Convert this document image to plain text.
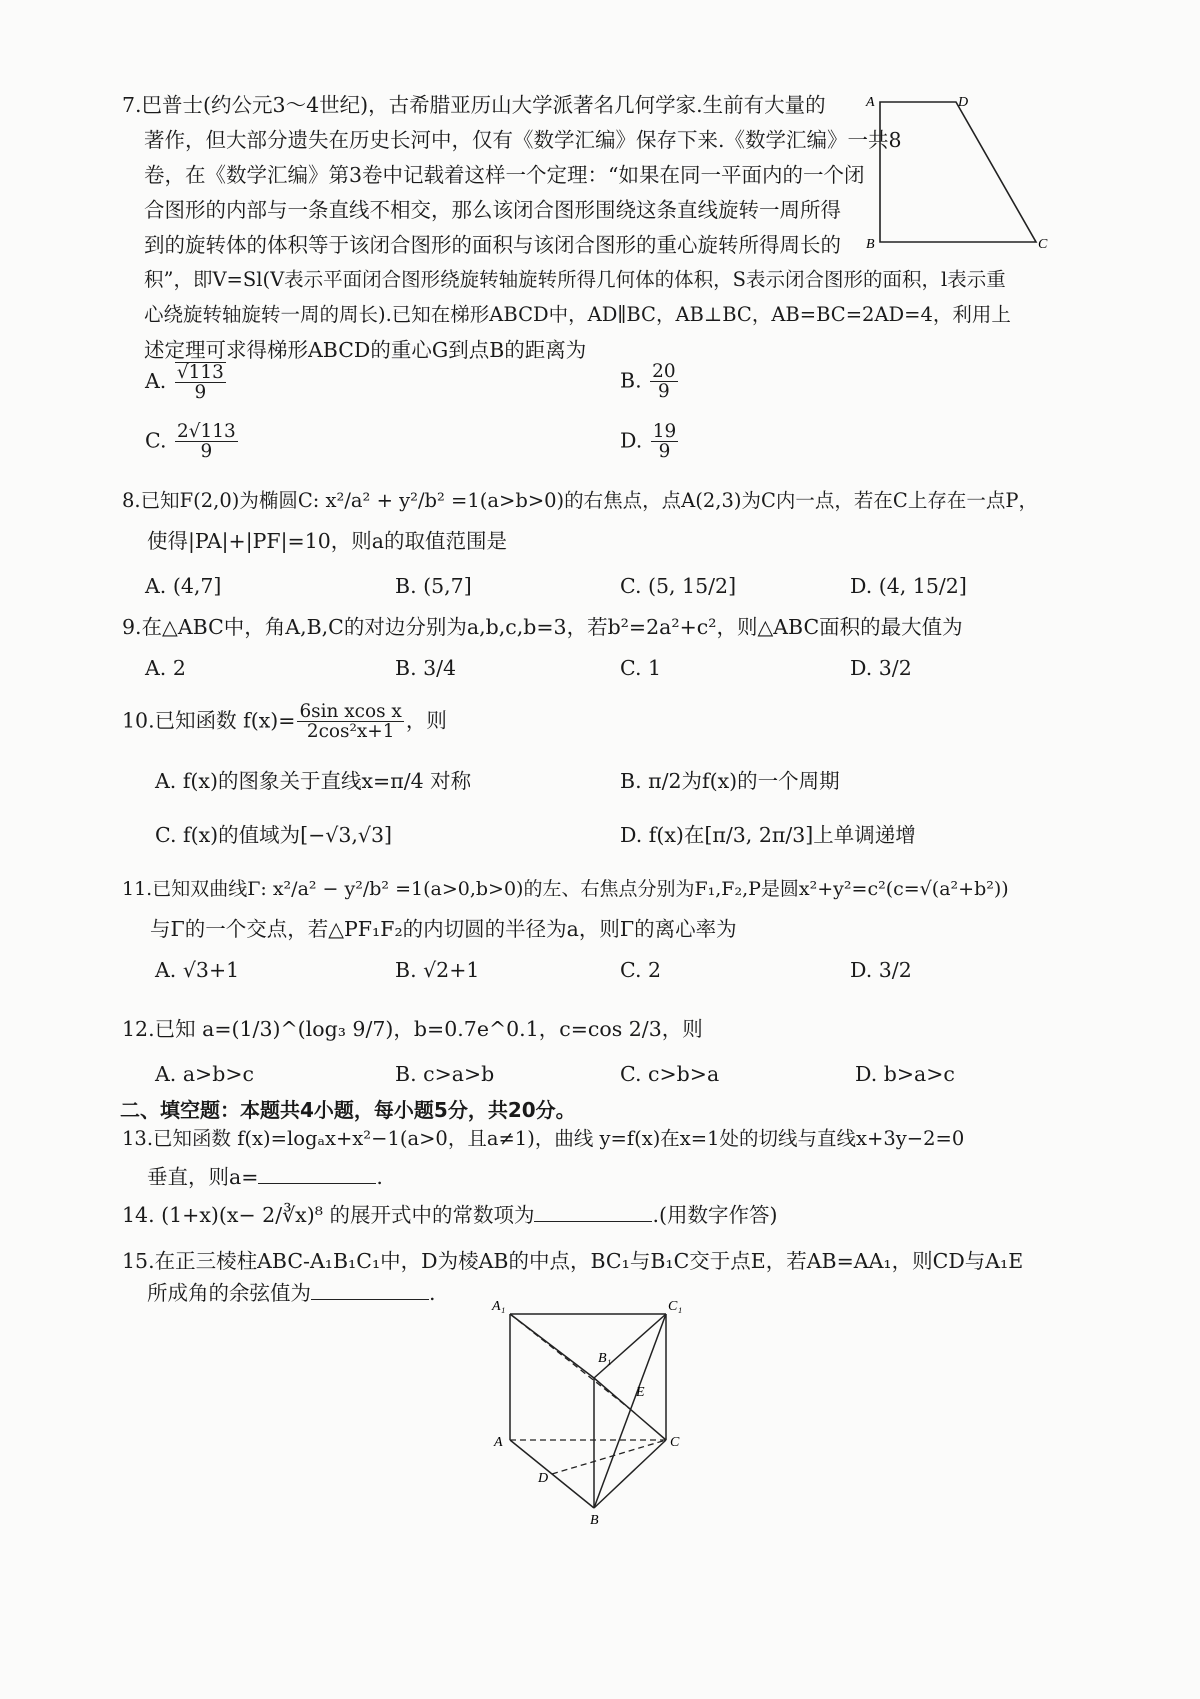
7.巴普士(约公元3～4世纪)，古希腊亚历山大学派著名几何学家.生前有大量的
著作，但大部分遗失在历史长河中，仅有《数学汇编》保存下来.《数学汇编》一共8
卷，在《数学汇编》第3卷中记载着这样一个定理：“如果在同一平面内的一个闭
合图形的内部与一条直线不相交，那么该闭合图形围绕这条直线旋转一周所得
到的旋转体的体积等于该闭合图形的面积与该闭合图形的重心旋转所得周长的
积”，即V=Sl(V表示平面闭合图形绕旋转轴旋转所得几何体的体积，S表示闭合图形的面积，l表示重
心绕旋转轴旋转一周的周长).已知在梯形ABCD中，AD∥BC，AB⊥BC，AB=BC=2AD=4，利用上
述定理可求得梯形ABCD的重心G到点B的距离为
A	D
B	C
A. $\frac{√113}{9}$	B. $\frac{20}{9}$
C. $\frac{2√113}{9}$	D. $\frac{19}{9}$
8.已知F(2,0)为椭圆C: x²/a² + y²/b² =1(a>b>0)的右焦点，点A(2,3)为C内一点，若在C上存在一点P，
使得|PA|+|PF|=10，则a的取值范围是
A. (4,7]	B. (5,7]	C. (5, 15/2]	D. (4, 15/2]
9.在△ABC中，角A,B,C的对边分别为a,b,c,b=3，若b²=2a²+c²，则△ABC面积的最大值为
A. 2	B. 3/4	C. 1	D. 3/2
10.已知函数 $f(x)= \frac{\text{6sin xcos x}}{\text{2cos²x+1}}$ ，则
A. f(x)的图象关于直线x=π/4 对称	B. π/2为f(x)的一个周期
C. f(x)的值域为[−√3,√3]	D. f(x)在[π/3, 2π/3]上单调递增
11.已知双曲线Γ: x²/a² − y²/b² =1(a>0,b>0)的左、右焦点分别为F₁,F₂,P是圆x²+y²=c²(c=√(a²+b²))
与Γ的一个交点，若△PF₁F₂的内切圆的半径为a，则Γ的离心率为
A. √3+1	B. √2+1	C. 2	D. 3/2
12.已知 a=(1/3)^(log₃ 9/7)，b=0.7e^0.1，c=cos 2/3，则
A. a>b>c	B. c>a>b	C. c>b>a	D. b>a>c
二、填空题：本题共4小题，每小题5分，共20分。
13.已知函数 f(x)=logₐx+x²−1(a>0，且a≠1)，曲线 y=f(x)在x=1处的切线与直线x+3y−2=0
垂直，则a=	.
14. (1+x)(x− 2/∛x)⁸ 的展开式中的常数项为	.(用数字作答)
15.在正三棱柱ABC-A₁B₁C₁中，D为棱AB的中点，BC₁与B₁C交于点E，若AB=AA₁，则CD与A₁E
所成角的余弦值为	.
A₁	C₁
B₁
E
A	C
D
B
